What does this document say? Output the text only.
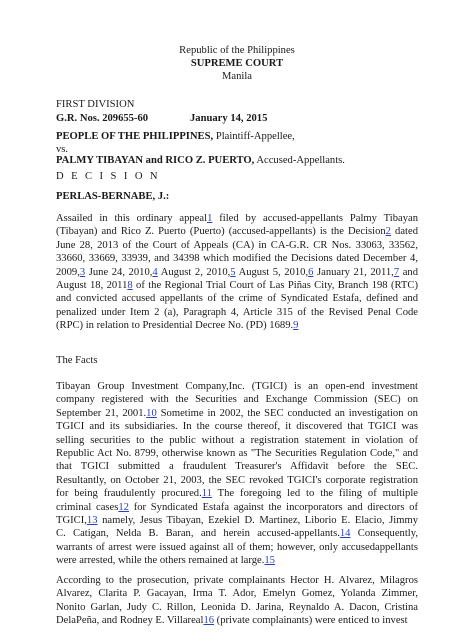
Republic of the Philippines
SUPREME COURT
Manila
FIRST DIVISION
G.R. Nos. 209655-60	January 14, 2015
PEOPLE OF THE PHILIPPINES, Plaintiff-Appellee,
vs.
PALMY TIBAYAN and RICO Z. PUERTO, Accused-Appellants.
D E C I S I O N
PERLAS-BERNABE, J.:
Assailed in this ordinary appeal1 filed by accused-appellants Palmy Tibayan
(Tibayan) and Rico Z. Puerto (Puerto) (accused-appellants) is the Decision2 dated
June 28, 2013 of the Court of Appeals (CA) in CA-G.R. CR Nos. 33063, 33562,
33660, 33669, 33939, and 34398 which modified the Decisions dated December 4,
2009,3 June 24, 2010,4 August 2, 2010,5 August 5, 2010,6 January 21, 2011,7 and
August 18, 20118 of the Regional Trial Court of Las Piñas City, Branch 198 (RTC)
and convicted accused appellants of the crime of Syndicated Estafa, defined and
penalized under Item 2 (a), Paragraph 4, Article 315 of the Revised Penal Code
(RPC) in relation to Presidential Decree No. (PD) 1689.9
The Facts
Tibayan Group Investment Company,Inc. (TGICI) is an open-end investment
company registered with the Securities and Exchange Commission (SEC) on
September 21, 2001.10 Sometime in 2002, the SEC conducted an investigation on
TGICI and its subsidiaries. In the course thereof, it discovered that TGICI was
selling securities to the public without a registration statement in violation of
Republic Act No. 8799, otherwise known as "The Securities Regulation Code," and
that TGICI submitted a fraudulent Treasurer's Affidavit before the SEC.
Resultantly, on October 21, 2003, the SEC revoked TGICI's corporate registration
for being fraudulently procured.11 The foregoing led to the filing of multiple
criminal cases12 for Syndicated Estafa against the incorporators and directors of
TGICI,13 namely, Jesus Tibayan, Ezekiel D. Martinez, Liborio E. Elacio, Jimmy
C. Catigan, Nelda B. Baran, and herein accused-appellants.14 Consequently,
warrants of arrest were issued against all of them; however, only accusedappellants
were arrested, while the others remained at large.15
According to the prosecution, private complainants Hector H. Alvarez, Milagros
Alvarez, Clarita P. Gacayan, Irma T. Ador, Emelyn Gomez, Yolanda Zimmer,
Nonito Garlan, Judy C. Rillon, Leonida D. Jarina, Reynaldo A. Dacon, Cristina
DelaPeña, and Rodney E. Villareal16 (private complainants) were enticed to invest
